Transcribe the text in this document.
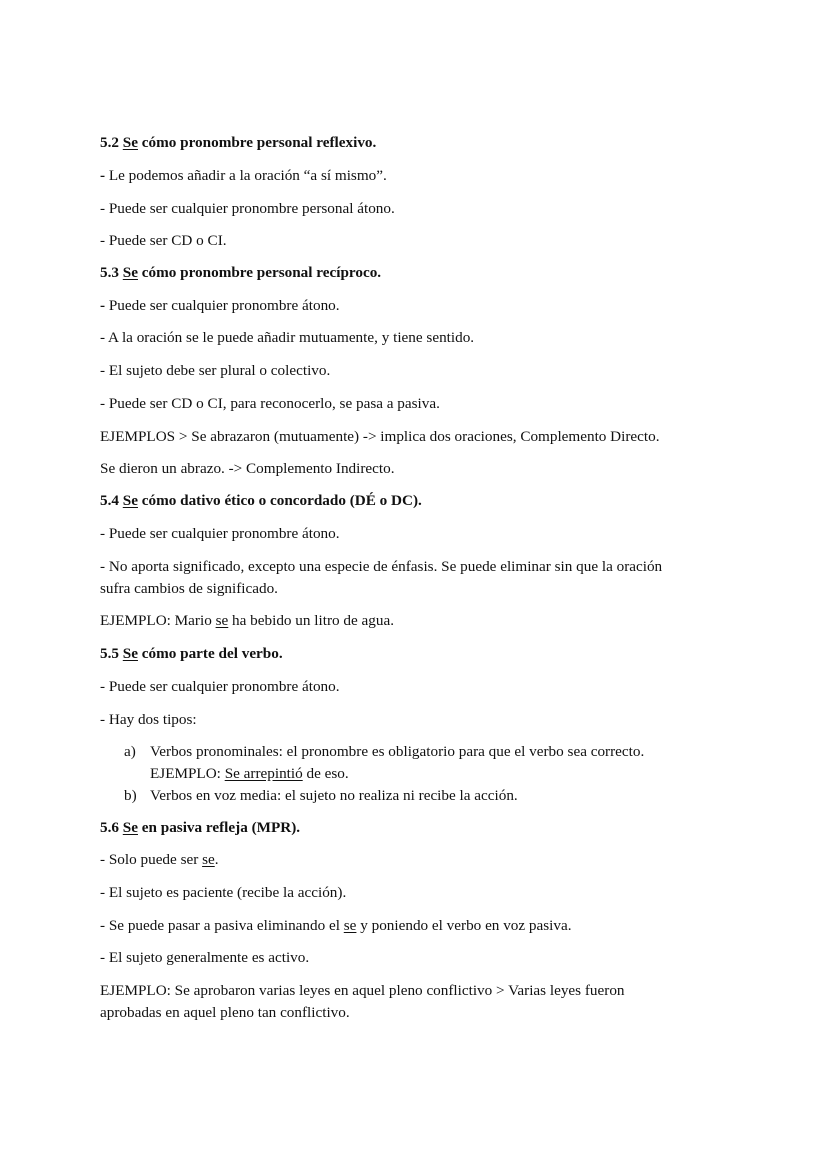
5.2 Se cómo pronombre personal reflexivo.
- Le podemos añadir a la oración “a sí mismo”.
- Puede ser cualquier pronombre personal átono.
- Puede ser CD o CI.
5.3 Se cómo pronombre personal recíproco.
- Puede ser cualquier pronombre átono.
- A la oración se le puede añadir mutuamente, y tiene sentido.
- El sujeto debe ser plural o colectivo.
- Puede ser CD o CI, para reconocerlo, se pasa a pasiva.
EJEMPLOS > Se abrazaron (mutuamente) -> implica dos oraciones, Complemento Directo.
Se dieron un abrazo. -> Complemento Indirecto.
5.4 Se cómo dativo ético o concordado (DÉ o DC).
- Puede ser cualquier pronombre átono.
- No aporta significado, excepto una especie de énfasis. Se puede eliminar sin que la oración
sufra cambios de significado.
EJEMPLO: Mario se ha bebido un litro de agua.
5.5 Se cómo parte del verbo.
- Puede ser cualquier pronombre átono.
- Hay dos tipos:
a) Verbos pronominales: el pronombre es obligatorio para que el verbo sea correcto.
EJEMPLO: Se arrepintió de eso.
b) Verbos en voz media: el sujeto no realiza ni recibe la acción.
5.6 Se en pasiva refleja (MPR).
- Solo puede ser se.
- El sujeto es paciente (recibe la acción).
- Se puede pasar a pasiva eliminando el se y poniendo el verbo en voz pasiva.
- El sujeto generalmente es activo.
EJEMPLO: Se aprobaron varias leyes en aquel pleno conflictivo > Varias leyes fueron
aprobadas en aquel pleno tan conflictivo.
